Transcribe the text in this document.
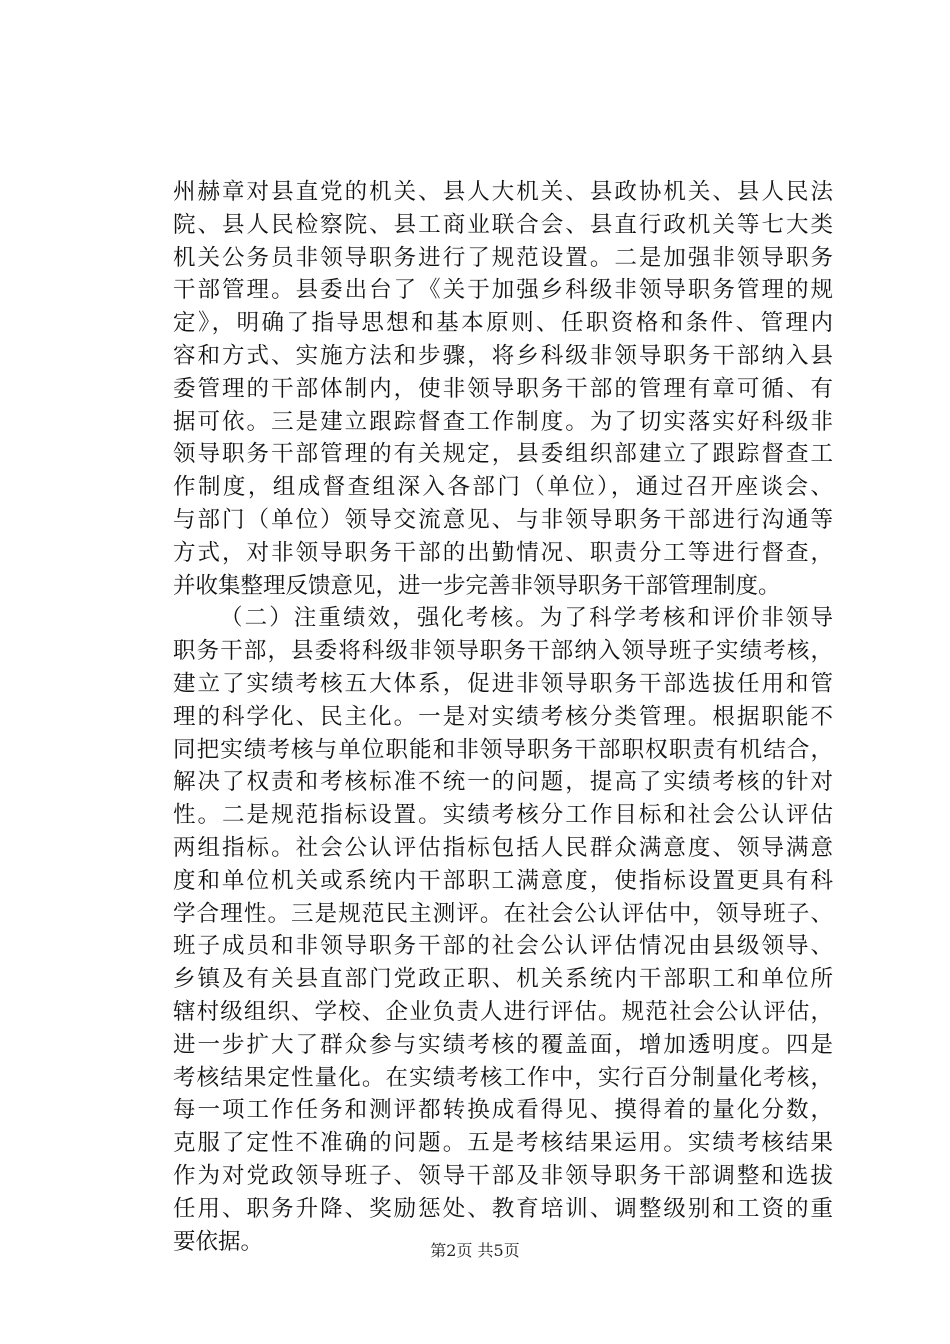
州赫章对县直党的机关、县人大机关、县政协机关、县人民法
院、县人民检察院、县工商业联合会、县直行政机关等七大类
机关公务员非领导职务进行了规范设置。二是加强非领导职务
干部管理。县委出台了《关于加强乡科级非领导职务管理的规
定》，明确了指导思想和基本原则、任职资格和条件、管理内
容和方式、实施方法和步骤，将乡科级非领导职务干部纳入县
委管理的干部体制内，使非领导职务干部的管理有章可循、有
据可依。三是建立跟踪督查工作制度。为了切实落实好科级非
领导职务干部管理的有关规定，县委组织部建立了跟踪督查工
作制度，组成督查组深入各部门（单位），通过召开座谈会、
与部门（单位）领导交流意见、与非领导职务干部进行沟通等
方式，对非领导职务干部的出勤情况、职责分工等进行督查，
并收集整理反馈意见，进一步完善非领导职务干部管理制度。
（二）注重绩效，强化考核。为了科学考核和评价非领导
职务干部，县委将科级非领导职务干部纳入领导班子实绩考核，
建立了实绩考核五大体系，促进非领导职务干部选拔任用和管
理的科学化、民主化。一是对实绩考核分类管理。根据职能不
同把实绩考核与单位职能和非领导职务干部职权职责有机结合，
解决了权责和考核标准不统一的问题，提高了实绩考核的针对
性。二是规范指标设置。实绩考核分工作目标和社会公认评估
两组指标。社会公认评估指标包括人民群众满意度、领导满意
度和单位机关或系统内干部职工满意度，使指标设置更具有科
学合理性。三是规范民主测评。在社会公认评估中，领导班子、
班子成员和非领导职务干部的社会公认评估情况由县级领导、
乡镇及有关县直部门党政正职、机关系统内干部职工和单位所
辖村级组织、学校、企业负责人进行评估。规范社会公认评估，
进一步扩大了群众参与实绩考核的覆盖面，增加透明度。四是
考核结果定性量化。在实绩考核工作中，实行百分制量化考核，
每一项工作任务和测评都转换成看得见、摸得着的量化分数，
克服了定性不准确的问题。五是考核结果运用。实绩考核结果
作为对党政领导班子、领导干部及非领导职务干部调整和选拔
任用、职务升降、奖励惩处、教育培训、调整级别和工资的重
要依据。	第2页 共5页
